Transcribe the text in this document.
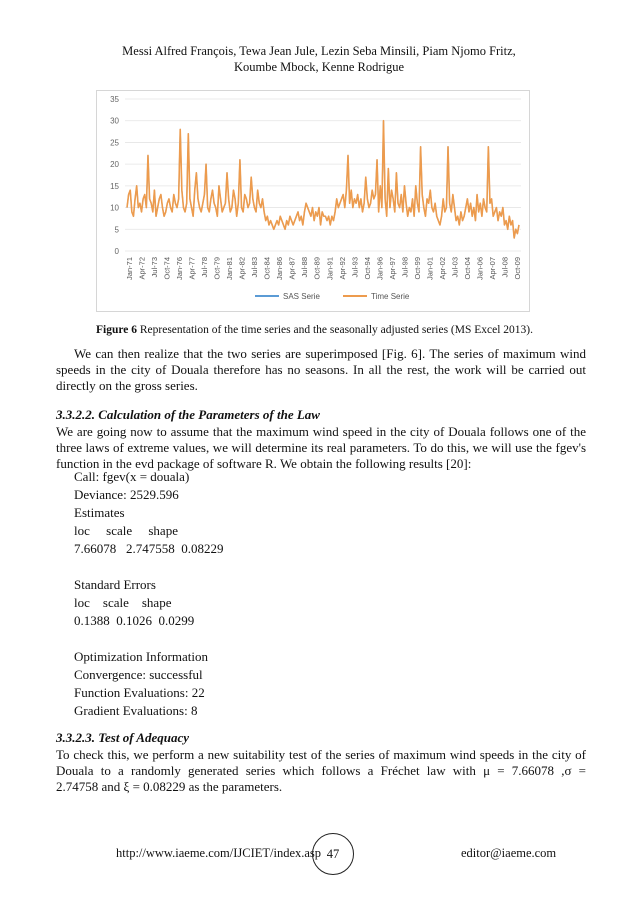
Messi Alfred François, Tewa Jean Jule, Lezin Seba Minsili, Piam Njomo Fritz,
Koumbe Mbock, Kenne Rodrigue
0
5
10
15
20
25
30
35
Jan-71 Apr-72 Jul-73 Oct-74 Jan-76 Apr-77 Jul-78 Oct-79 Jan-81 Apr-82 Jul-83 Oct-84 Jan-86 Apr-87 Jul-88 Oct-89 Jan-91 Apr-92 Jul-93 Oct-94 Jan-96 Apr-97 Jul-98 Oct-99 Jan-01 Apr-02 Jul-03 Oct-04 Jan-06 Apr-07 Jul-08 Oct-09
SAS Serie	Time Serie
Figure 6 Representation of the time series and the seasonally adjusted series (MS Excel 2013).
We can then realize that the two series are superimposed [Fig. 6]. The series of maximum wind speeds in the city of Douala therefore has no seasons. In all the rest, the work will be carried out directly on the gross series.
3.3.2.2. Calculation of the Parameters of the Law
We are going now to assume that the maximum wind speed in the city of Douala follows one of the three laws of extreme values, we will determine its real parameters. To do this, we will use the fgev's function in the evd package of software R. We obtain the following results [20]:
Call: fgev(x = douala)
Deviance: 2529.596
Estimates
loc     scale     shape
7.66078   2.747558  0.08229
Standard Errors
loc    scale    shape
0.1388  0.1026  0.0299
Optimization Information
Convergence: successful
Function Evaluations: 22
Gradient Evaluations: 8
3.3.2.3. Test of Adequacy
To check this, we perform a new suitability test of the series of maximum wind speeds in the city of
Douala to a randomly generated series which follows a Fréchet law with μ = 7.66078 ,σ =
2.74758 and ξ = 0.08229 as the parameters.
http://www.iaeme.com/IJCIET/index.asp 47	editor@iaeme.com
